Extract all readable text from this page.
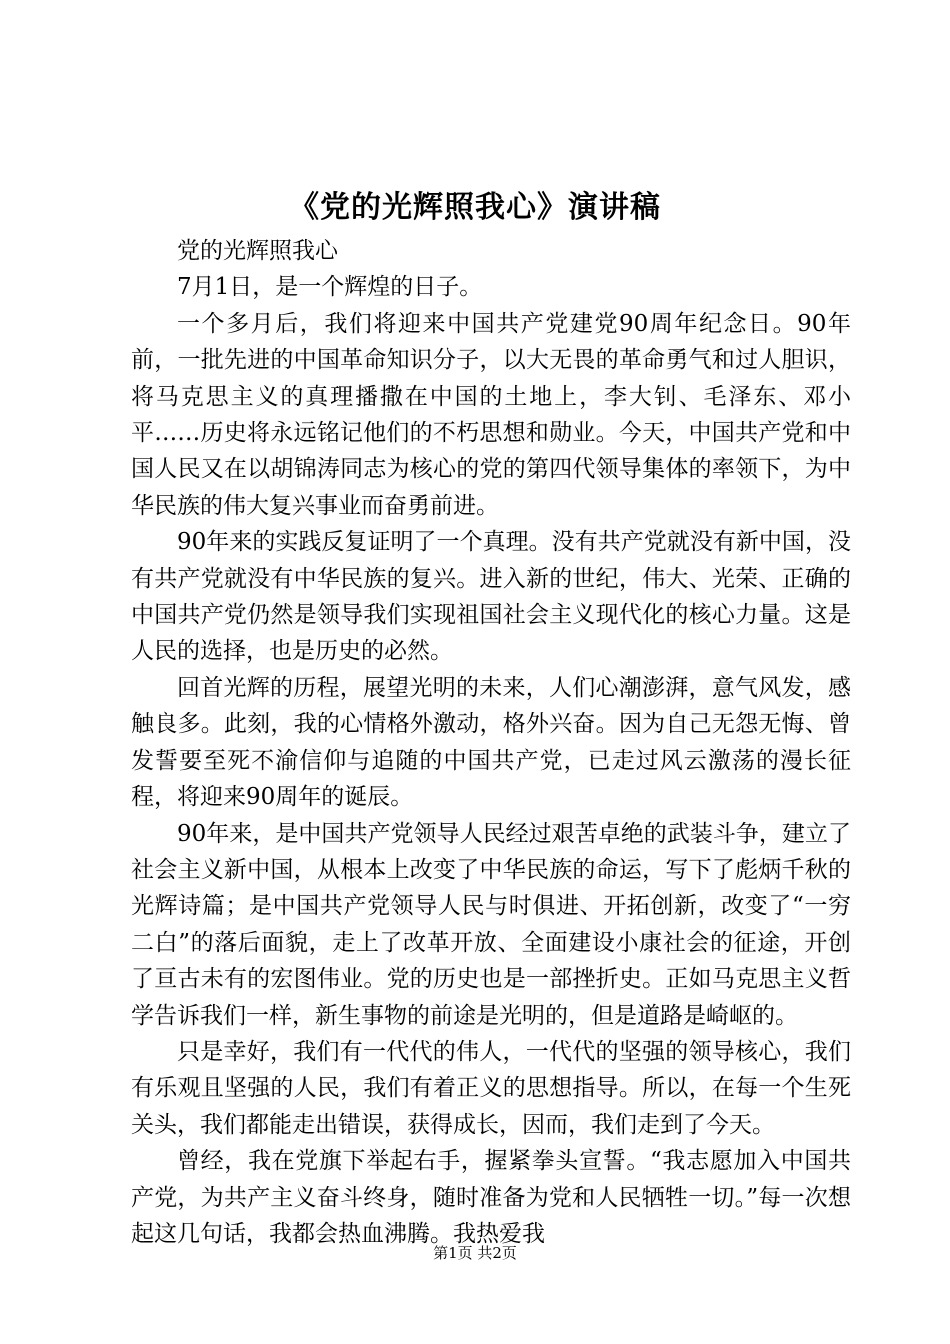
《党的光辉照我心》演讲稿

党的光辉照我心

7月1日，是一个辉煌的日子。

一个多月后，我们将迎来中国共产党建党90周年纪念日。90年前，一批先进的中国革命知识分子，以大无畏的革命勇气和过人胆识，将马克思主义的真理播撒在中国的土地上，李大钊、毛泽东、邓小平……历史将永远铭记他们的不朽思想和勋业。今天，中国共产党和中国人民又在以胡锦涛同志为核心的党的第四代领导集体的率领下，为中华民族的伟大复兴事业而奋勇前进。

90年来的实践反复证明了一个真理。没有共产党就没有新中国，没有共产党就没有中华民族的复兴。进入新的世纪，伟大、光荣、正确的中国共产党仍然是领导我们实现祖国社会主义现代化的核心力量。这是人民的选择，也是历史的必然。

回首光辉的历程，展望光明的未来，人们心潮澎湃，意气风发，感触良多。此刻，我的心情格外激动，格外兴奋。因为自己无怨无悔、曾发誓要至死不渝信仰与追随的中国共产党，已走过风云激荡的漫长征程，将迎来90周年的诞辰。

90年来，是中国共产党领导人民经过艰苦卓绝的武装斗争，建立了社会主义新中国，从根本上改变了中华民族的命运，写下了彪炳千秋的光辉诗篇；是中国共产党领导人民与时俱进、开拓创新，改变了“一穷二白”的落后面貌，走上了改革开放、全面建设小康社会的征途，开创了亘古未有的宏图伟业。党的历史也是一部挫折史。正如马克思主义哲学告诉我们一样，新生事物的前途是光明的，但是道路是崎岖的。

只是幸好，我们有一代代的伟人，一代代的坚强的领导核心，我们有乐观且坚强的人民，我们有着正义的思想指导。所以，在每一个生死关头，我们都能走出错误，获得成长，因而，我们走到了今天。

曾经，我在党旗下举起右手，握紧拳头宣誓。“我志愿加入中国共产党，为共产主义奋斗终身，随时准备为党和人民牺牲一切。”每一次想起这几句话，我都会热血沸腾。我热爱我

第1页 共2页
